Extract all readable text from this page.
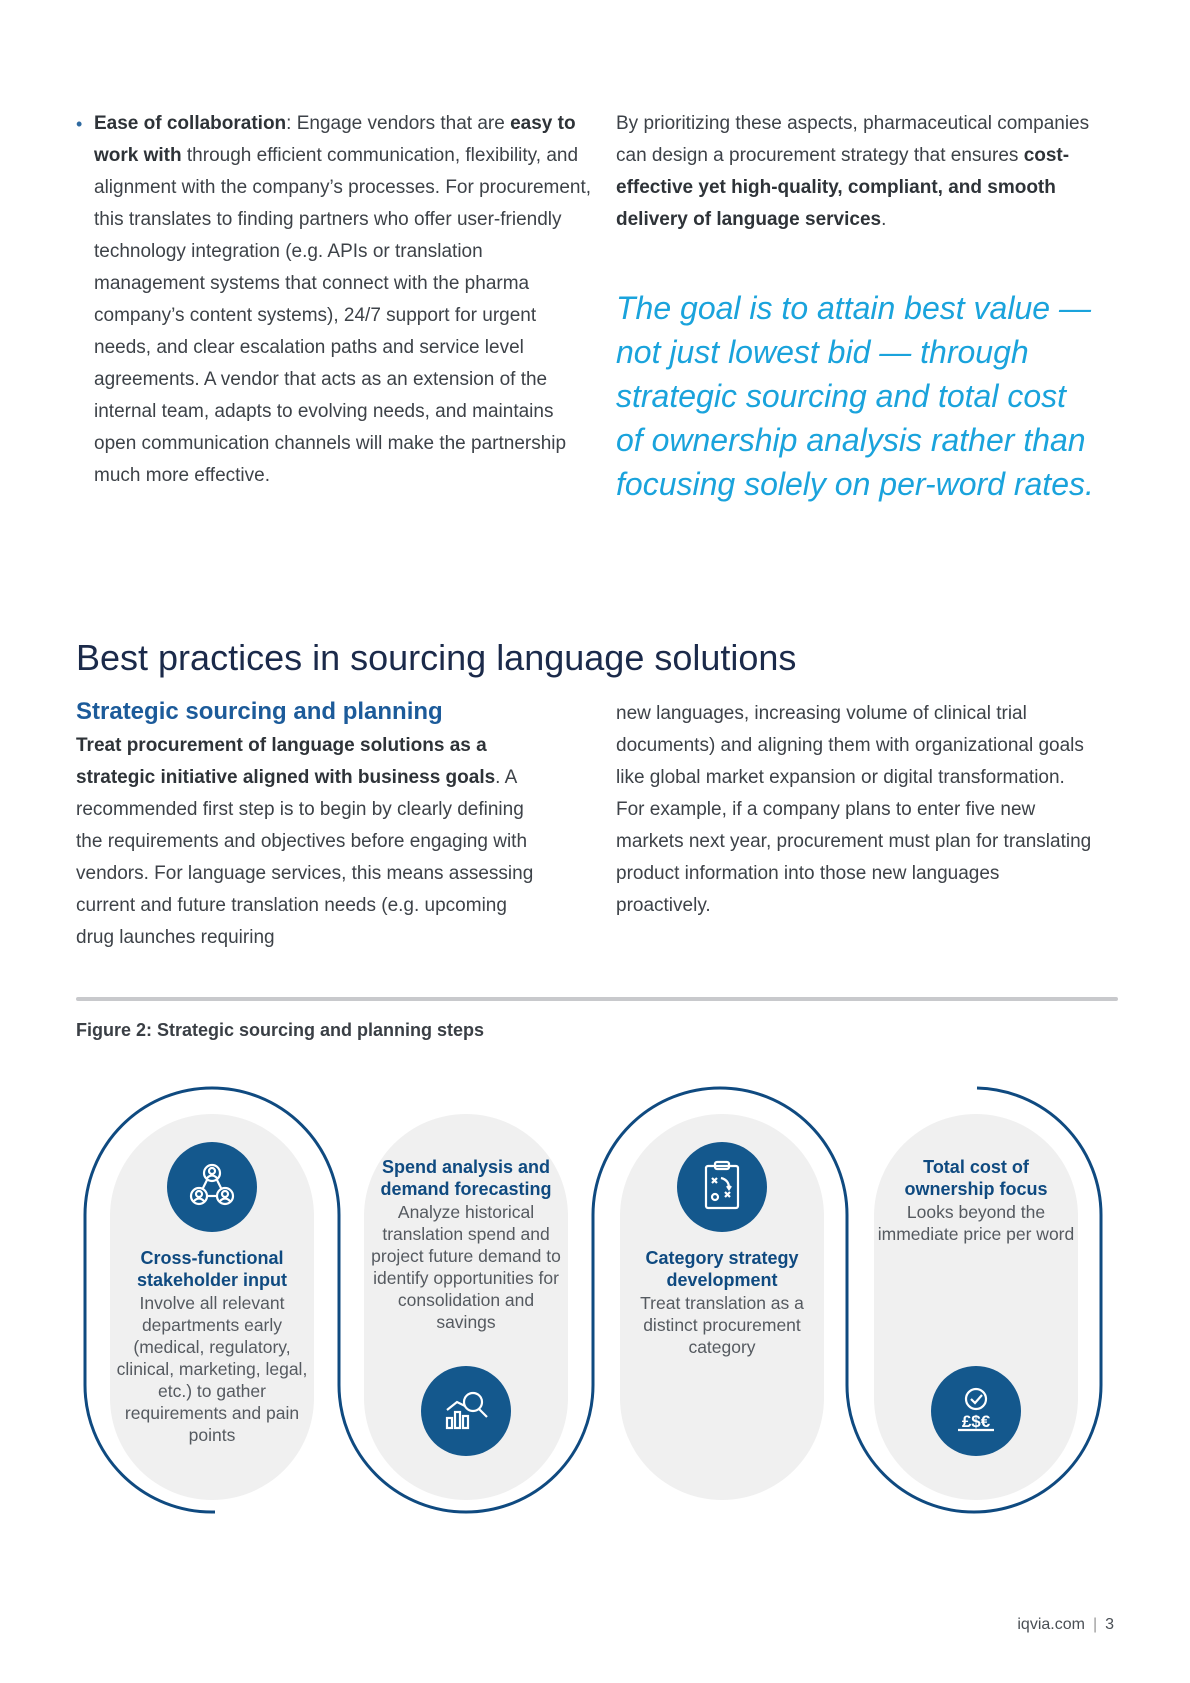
• Ease of collaboration: Engage vendors that are easy to work with through efficient communication, flexibility, and alignment with the company’s processes. For procurement, this translates to finding partners who offer user-friendly technology integration (e.g. APIs or translation management systems that connect with the pharma company’s content systems), 24/7 support for urgent needs, and clear escalation paths and service level agreements. A vendor that acts as an extension of the internal team, adapts to evolving needs, and maintains open communication channels will make the partnership much more effective.
By prioritizing these aspects, pharmaceutical companies can design a procurement strategy that ensures cost-effective yet high-quality, compliant, and smooth delivery of language services.
The goal is to attain best value — not just lowest bid — through strategic sourcing and total cost of ownership analysis rather than focusing solely on per-word rates.
Best practices in sourcing language solutions
Strategic sourcing and planning
Treat procurement of language solutions as a strategic initiative aligned with business goals. A recommended first step is to begin by clearly defining the requirements and objectives before engaging with vendors. For language services, this means assessing current and future translation needs (e.g. upcoming drug launches requiring
new languages, increasing volume of clinical trial documents) and aligning them with organizational goals like global market expansion or digital transformation. For example, if a company plans to enter five new markets next year, procurement must plan for translating product information into those new languages proactively.
Figure 2: Strategic sourcing and planning steps
Cross-functional stakeholder input
Involve all relevant departments early (medical, regulatory, clinical, marketing, legal, etc.) to gather requirements and pain points
Spend analysis and demand forecasting
Analyze historical translation spend and project future demand to identify opportunities for consolidation and savings
Category strategy development
Treat translation as a distinct procurement category
Total cost of ownership focus
Looks beyond the immediate price per word
£$€
iqvia.com | 3
